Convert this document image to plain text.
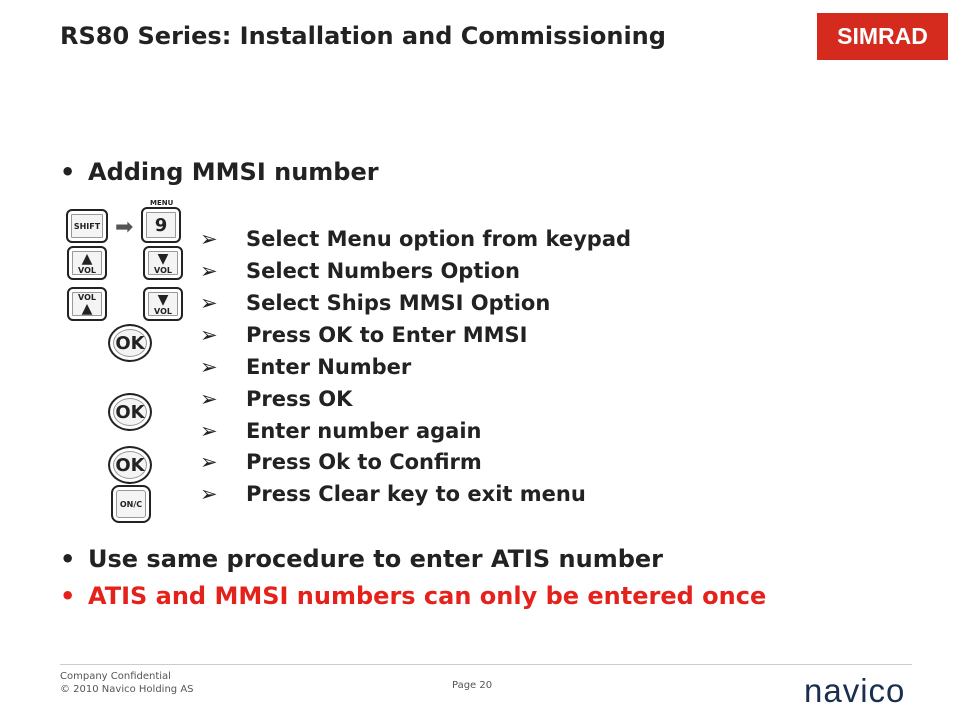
RS80 Series: Installation and Commissioning	SIMRAD
• Adding MMSI number
MENU
SHIFT ➡ 9
▲
VOL
▼
VOL
VOL
▲
▼
VOL
OK
OK
OK
ON/C
➢ Select Menu option from keypad
➢ Select Numbers Option
➢ Select Ships MMSI Option
➢ Press OK to Enter MMSI
➢ Enter Number
➢ Press OK
➢ Enter number again
➢ Press Ok to Confirm
➢ Press Clear key to exit menu
• Use same procedure to enter ATIS number
• ATIS and MMSI numbers can only be entered once
Company Confidential
© 2010 Navico Holding AS	Page 20	navico
